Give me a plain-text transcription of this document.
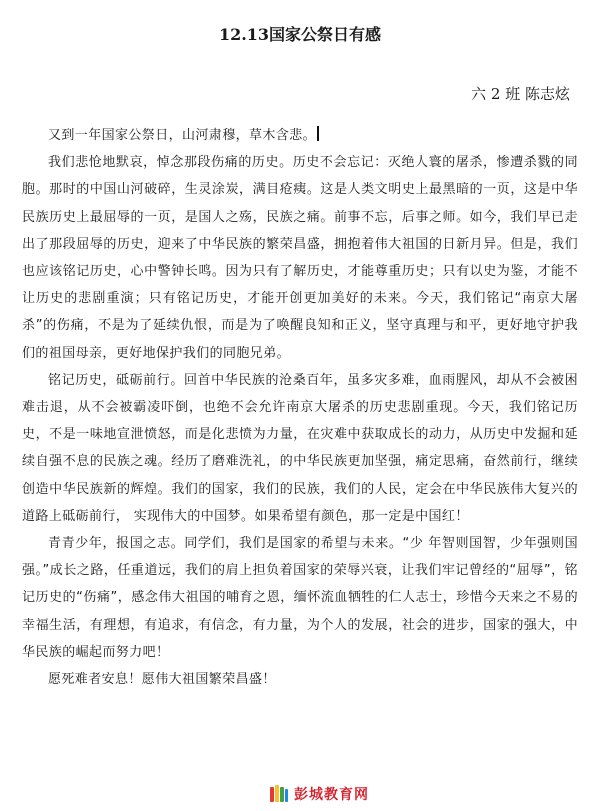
12.13国家公祭日有感
六 2 班 陈志炫

又到一年国家公祭日，山河肃穆，草木含悲。

我们悲怆地默哀，悼念那段伤痛的历史。历史不会忘记：灭绝人寰的屠杀，惨遭杀戮的同胞。那时的中国山河破碎，生灵涂炭，满目疮痍。这是人类文明史上最黑暗的一页，这是中华民族历史上最屈辱的一页，是国人之殇，民族之痛。前事不忘，后事之师。如今，我们早已走出了那段屈辱的历史，迎来了中华民族的繁荣昌盛，拥抱着伟大祖国的日新月异。但是，我们也应该铭记历史，心中警钟长鸣。因为只有了解历史，才能尊重历史；只有以史为鉴，才能不让历史的悲剧重演；只有铭记历史，才能开创更加美好的未来。今天，我们铭记“南京大屠杀”的伤痛，不是为了延续仇恨，而是为了唤醒良知和正义，坚守真理与和平，更好地守护我们的祖国母亲，更好地保护我们的同胞兄弟。

铭记历史，砥砺前行。回首中华民族的沧桑百年，虽多灾多难，血雨腥风，却从不会被困难击退，从不会被霸凌吓倒，也绝不会允许南京大屠杀的历史悲剧重现。今天，我们铭记历史，不是一味地宣泄愤怒，而是化悲愤为力量，在灾难中获取成长的动力，从历史中发掘和延续自强不息的民族之魂。经历了磨难洗礼，的中华民族更加坚强，痛定思痛，奋然前行，继续创造中华民族新的辉煌。我们的国家，我们的民族，我们的人民，定会在中华民族伟大复兴的道路上砥砺前行， 实现伟大的中国梦。如果希望有颜色，那一定是中国红！

青青少年，报国之志。同学们，我们是国家的希望与未来。“少 年智则国智，少年强则国强。”成长之路，任重道远，我们的肩上担负着国家的荣辱兴衰，让我们牢记曾经的“屈辱”，铭记历史的“伤痛”，感念伟大祖国的哺育之恩，缅怀流血牺牲的仁人志士，珍惜今天来之不易的幸福生活，有理想，有追求，有信念，有力量，为个人的发展，社会的进步，国家的强大，中华民族的崛起而努力吧！

愿死难者安息！愿伟大祖国繁荣昌盛！

彭城教育网
